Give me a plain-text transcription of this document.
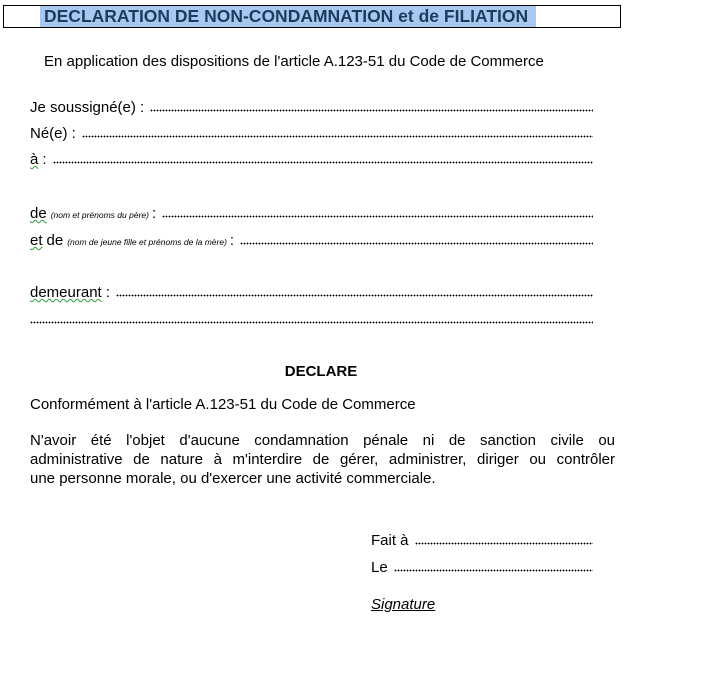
DECLARATION DE NON-CONDAMNATION et de FILIATION
En application des dispositions de l'article A.123-51 du Code de Commerce
Je soussigné(e) :
Né(e) :
à :
de (nom et prénoms du père) :
et de (nom de jeune fille et prénoms de la mère) :
demeurant :
DECLARE
Conformément à l'article A.123-51 du Code de Commerce
N'avoir été l'objet d'aucune condamnation pénale ni de sanction civile ou
administrative de nature à m'interdire de gérer, administrer, diriger ou contrôler
une personne morale, ou d'exercer une activité commerciale.
Fait à
Le
Signature
